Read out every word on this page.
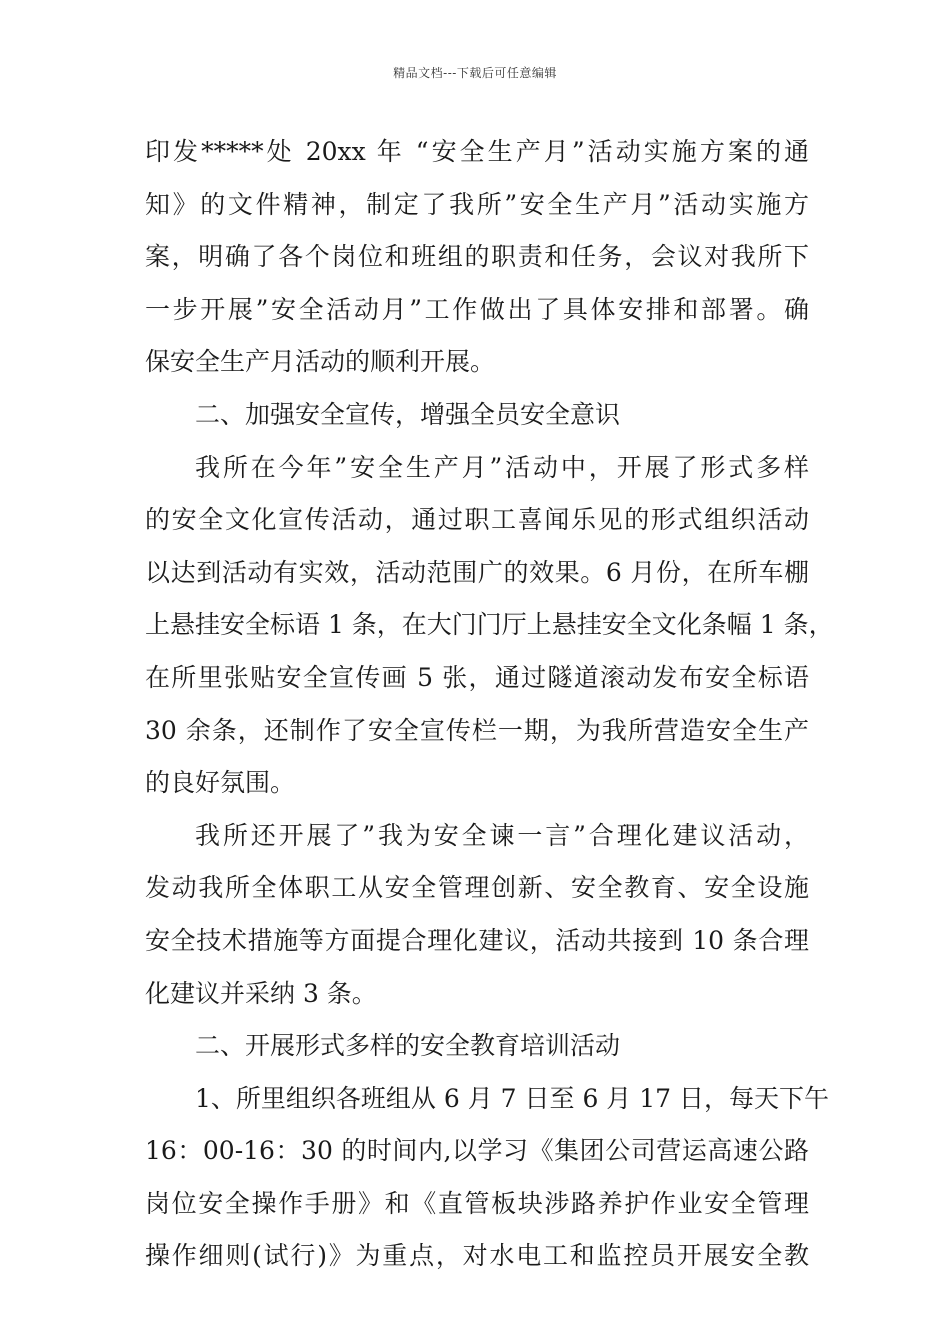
精品文档---下载后可任意编辑
印发*****处 20xx 年 “安全生产月”活动实施方案的通
知》的文件精神，制定了我所”安全生产月”活动实施方
案，明确了各个岗位和班组的职责和任务，会议对我所下
一步开展”安全活动月”工作做出了具体安排和部署。确
保安全生产月活动的顺利开展。
二、加强安全宣传，增强全员安全意识
我所在今年”安全生产月”活动中，开展了形式多样
的安全文化宣传活动，通过职工喜闻乐见的形式组织活动
以达到活动有实效，活动范围广的效果。6 月份，在所车棚
上悬挂安全标语 1 条，在大门门厅上悬挂安全文化条幅 1 条，
在所里张贴安全宣传画 5 张，通过隧道滚动发布安全标语
30 余条，还制作了安全宣传栏一期，为我所营造安全生产
的良好氛围。
我所还开展了”我为安全谏一言”合理化建议活动，
发动我所全体职工从安全管理创新、安全教育、安全设施
安全技术措施等方面提合理化建议，活动共接到 10 条合理
化建议并采纳 3 条。
二、开展形式多样的安全教育培训活动
1、所里组织各班组从 6 月 7 日至 6 月 17 日，每天下午
16：00-16：30 的时间内,以学习《集团公司营运高速公路
岗位安全操作手册》和《直管板块涉路养护作业安全管理
操作细则(试行)》为重点，对水电工和监控员开展安全教
